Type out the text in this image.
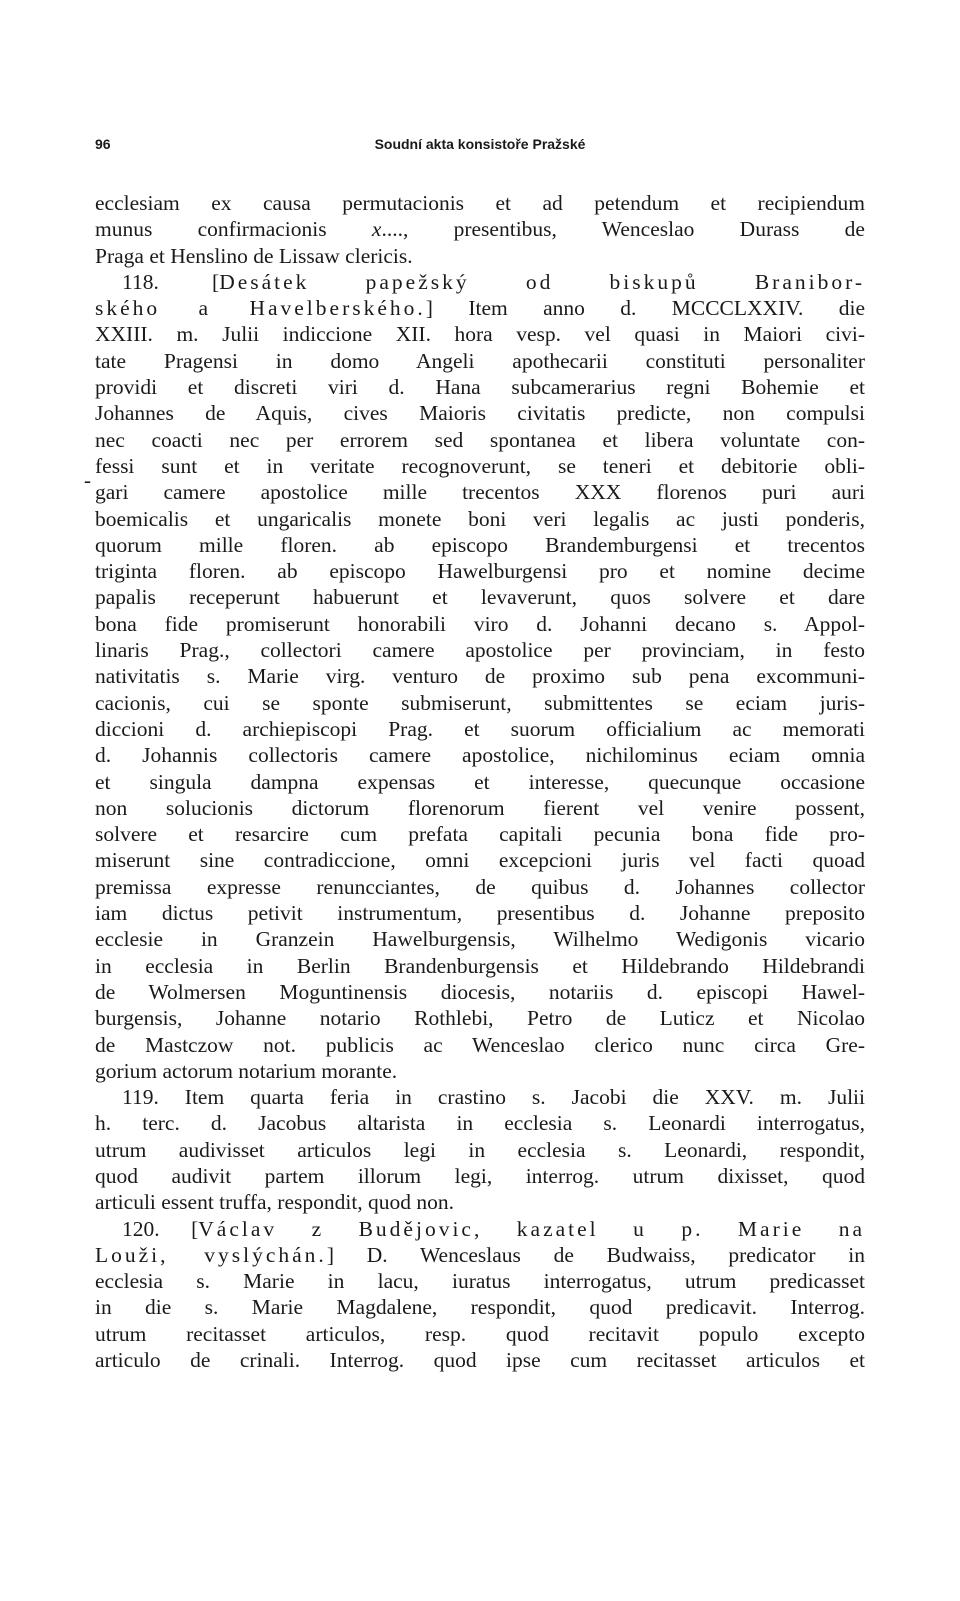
96	Soudní akta konsistoře Pražské
-
ecclesiam ex causa permutacionis et ad petendum et recipiendum
munus confirmacionis x...., presentibus, Wenceslao Durass de
Praga et Henslino de Lissaw clericis.
118. [Desátek papežský od biskupů Branibor-
ského a Havelberského.] Item anno d. MCCCLXXIV. die
XXIII. m. Julii indiccione XII. hora vesp. vel quasi in Maiori civi-
tate Pragensi in domo Angeli apothecarii constituti personaliter
providi et discreti viri d. Hana subcamerarius regni Bohemie et
Johannes de Aquis, cives Maioris civitatis predicte, non compulsi
nec coacti nec per errorem sed spontanea et libera voluntate con-
fessi sunt et in veritate recognoverunt, se teneri et debitorie obli-
gari camere apostolice mille trecentos XXX florenos puri auri
boemicalis et ungaricalis monete boni veri legalis ac justi ponderis,
quorum mille floren. ab episcopo Brandemburgensi et trecentos
triginta floren. ab episcopo Hawelburgensi pro et nomine decime
papalis receperunt habuerunt et levaverunt, quos solvere et dare
bona fide promiserunt honorabili viro d. Johanni decano s. Appol-
linaris Prag., collectori camere apostolice per provinciam, in festo
nativitatis s. Marie virg. venturo de proximo sub pena excommuni-
cacionis, cui se sponte submiserunt, submittentes se eciam juris-
diccioni d. archiepiscopi Prag. et suorum officialium ac memorati
d. Johannis collectoris camere apostolice, nichilominus eciam omnia
et singula dampna expensas et interesse, quecunque occasione
non solucionis dictorum florenorum fierent vel venire possent,
solvere et resarcire cum prefata capitali pecunia bona fide pro-
miserunt sine contradiccione, omni excepcioni juris vel facti quoad
premissa expresse renuncciantes, de quibus d. Johannes collector
iam dictus petivit instrumentum, presentibus d. Johanne preposito
ecclesie in Granzein Hawelburgensis, Wilhelmo Wedigonis vicario
in ecclesia in Berlin Brandenburgensis et Hildebrando Hildebrandi
de Wolmersen Moguntinensis diocesis, notariis d. episcopi Hawel-
burgensis, Johanne notario Rothlebi, Petro de Luticz et Nicolao
de Mastczow not. publicis ac Wenceslao clerico nunc circa Gre-
gorium actorum notarium morante.
119. Item quarta feria in crastino s. Jacobi die XXV. m. Julii
h. terc. d. Jacobus altarista in ecclesia s. Leonardi interrogatus,
utrum audivisset articulos legi in ecclesia s. Leonardi, respondit,
quod audivit partem illorum legi, interrog. utrum dixisset, quod
articuli essent truffa, respondit, quod non.
120. [Václav z Budějovic, kazatel u p. Marie na
Louži, vyslýchán.] D. Wenceslaus de Budwaiss, predicator in
ecclesia s. Marie in lacu, iuratus interrogatus, utrum predicasset
in die s. Marie Magdalene, respondit, quod predicavit. Interrog.
utrum recitasset articulos, resp. quod recitavit populo excepto
articulo de crinali. Interrog. quod ipse cum recitasset articulos et
